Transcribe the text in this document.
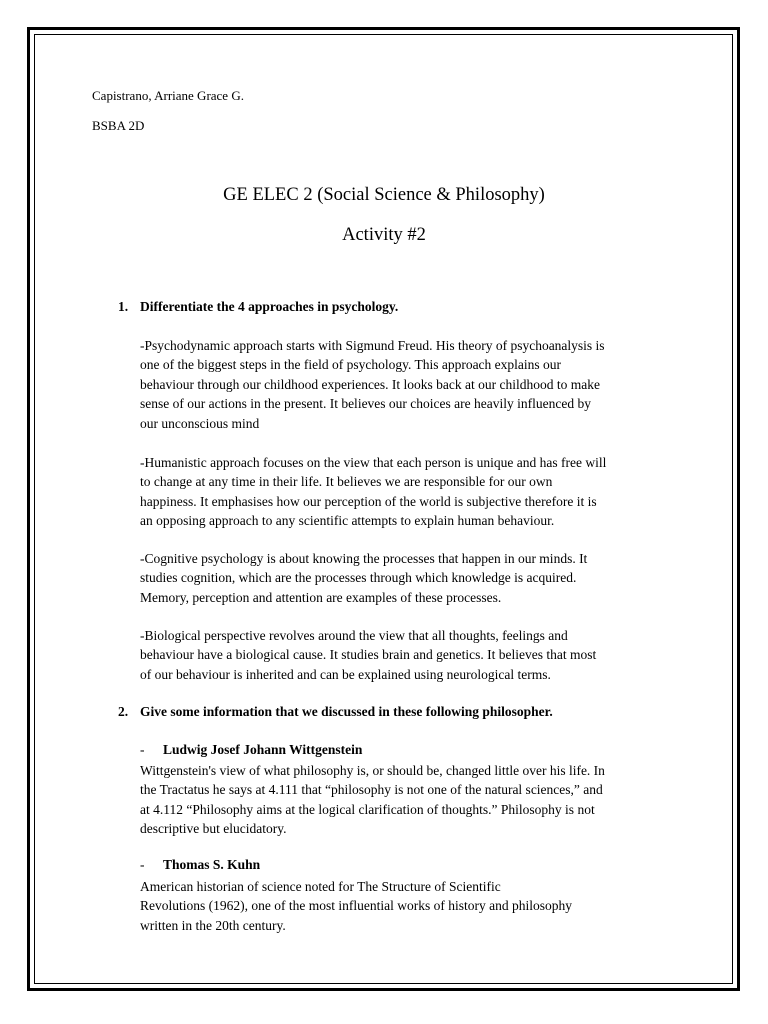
Capistrano, Arriane Grace G.
BSBA 2D
GE ELEC 2 (Social Science & Philosophy)
Activity #2
1. Differentiate the 4 approaches in psychology.
-Psychodynamic approach starts with Sigmund Freud. His theory of psychoanalysis is
one of the biggest steps in the field of psychology. This approach explains our
behaviour through our childhood experiences. It looks back at our childhood to make
sense of our actions in the present. It believes our choices are heavily influenced by
our unconscious mind
-Humanistic approach focuses on the view that each person is unique and has free will
to change at any time in their life. It believes we are responsible for our own
happiness. It emphasises how our perception of the world is subjective therefore it is
an opposing approach to any scientific attempts to explain human behaviour.
-Cognitive psychology is about knowing the processes that happen in our minds. It
studies cognition, which are the processes through which knowledge is acquired.
Memory, perception and attention are examples of these processes.
-Biological perspective revolves around the view that all thoughts, feelings and
behaviour have a biological cause. It studies brain and genetics. It believes that most
of our behaviour is inherited and can be explained using neurological terms.
2. Give some information that we discussed in these following philosopher.
- Ludwig Josef Johann Wittgenstein
Wittgenstein's view of what philosophy is, or should be, changed little over his life. In
the Tractatus he says at 4.111 that “philosophy is not one of the natural sciences,” and
at 4.112 “Philosophy aims at the logical clarification of thoughts.” Philosophy is not
descriptive but elucidatory.
- Thomas S. Kuhn
American historian of science noted for The Structure of Scientific
Revolutions (1962), one of the most influential works of history and philosophy
written in the 20th century.
